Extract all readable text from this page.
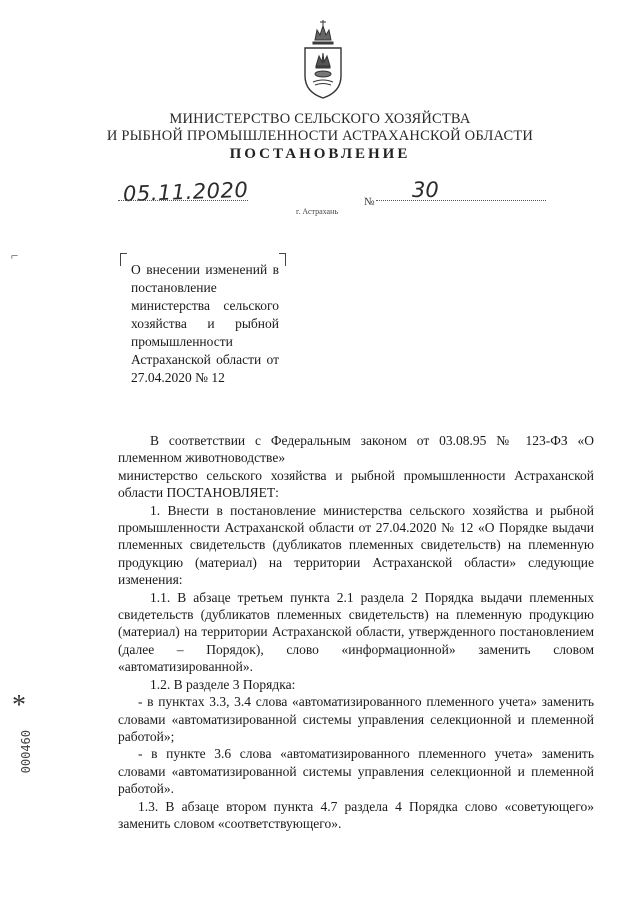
МИНИСТЕРСТВО СЕЛЬСКОГО ХОЗЯЙСТВА
И РЫБНОЙ ПРОМЫШЛЕННОСТИ АСТРАХАНСКОЙ ОБЛАСТИ
ПОСТАНОВЛЕНИЕ
05.11.2020	№ 30
г. Астрахань
⌐
О внесении изменений в постановление министерства сельского хозяйства и рыбной промышленности Астраханской области от 27.04.2020 № 12

В соответствии с Федеральным законом от 03.08.95 № 123-ФЗ «О племенном животноводстве»

министерство сельского хозяйства и рыбной промышленности Астраханской области ПОСТАНОВЛЯЕТ:

1. Внести в постановление министерства сельского хозяйства и рыбной промышленности Астраханской области от 27.04.2020 № 12 «О Порядке выдачи племенных свидетельств (дубликатов племенных свидетельств) на племенную продукцию (материал) на территории Астраханской области» следующие изменения:

1.1. В абзаце третьем пункта 2.1 раздела 2 Порядка выдачи племенных свидетельств (дубликатов племенных свидетельств) на племенную продукцию (материал) на территории Астраханской области, утвержденного постановлением (далее – Порядок), слово «информационной» заменить словом «автоматизированной».

1.2. В разделе 3 Порядка:

- в пунктах 3.3, 3.4 слова «автоматизированного племенного учета» заменить словами «автоматизированной системы управления селекционной и племенной работой»;

- в пункте 3.6 слова «автоматизированного племенного учета» заменить словами «автоматизированной системы управления селекционной и племенной работой».

1.3. В абзаце втором пункта 4.7 раздела 4 Порядка слово «советующего» заменить словом «соответствующего».

*
000460
